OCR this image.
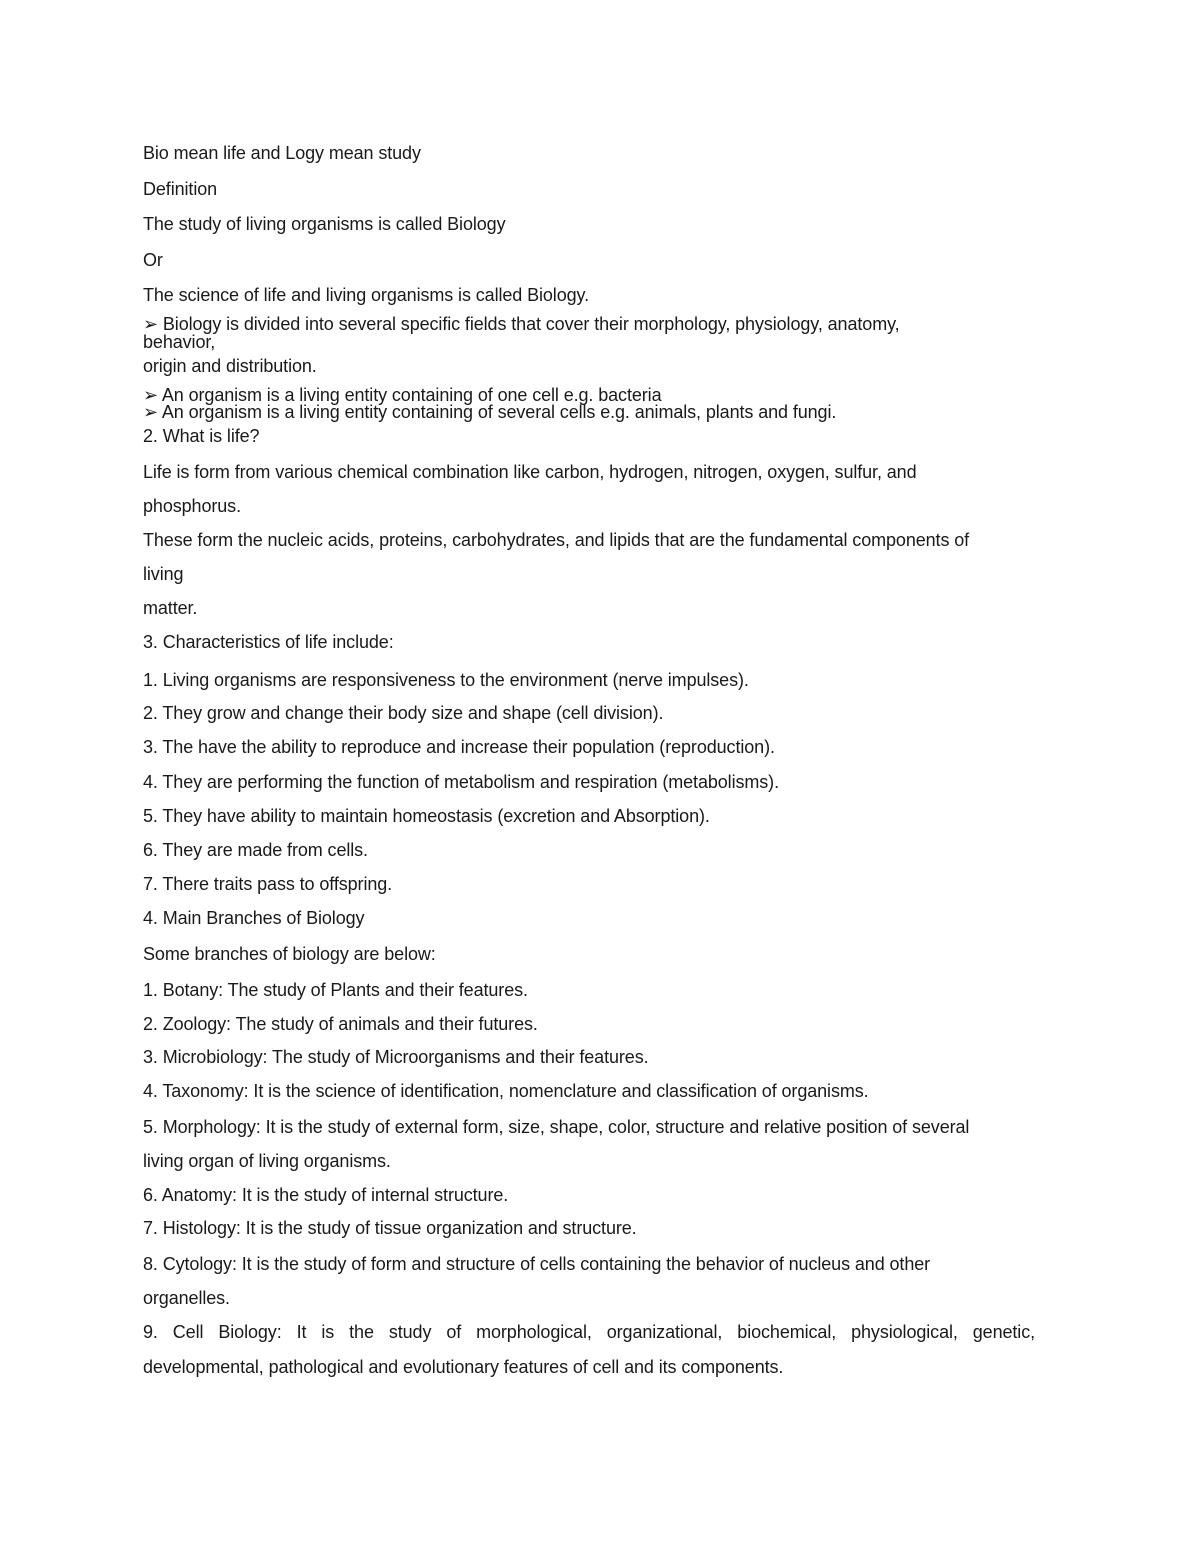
Bio mean life and Logy mean study
Definition
The study of living organisms is called Biology
Or
The science of life and living organisms is called Biology.
➢ Biology is divided into several specific fields that cover their morphology, physiology, anatomy,
behavior,
origin and distribution.
➢ An organism is a living entity containing of one cell e.g. bacteria
➢ An organism is a living entity containing of several cells e.g. animals, plants and fungi.
2. What is life?
Life is form from various chemical combination like carbon, hydrogen, nitrogen, oxygen, sulfur, and
phosphorus.
These form the nucleic acids, proteins, carbohydrates, and lipids that are the fundamental components of
living
matter.
3. Characteristics of life include:
1. Living organisms are responsiveness to the environment (nerve impulses).
2. They grow and change their body size and shape (cell division).
3. The have the ability to reproduce and increase their population (reproduction).
4. They are performing the function of metabolism and respiration (metabolisms).
5. They have ability to maintain homeostasis (excretion and Absorption).
6. They are made from cells.
7. There traits pass to offspring.
4. Main Branches of Biology
Some branches of biology are below:
1. Botany: The study of Plants and their features.
2. Zoology: The study of animals and their futures.
3. Microbiology: The study of Microorganisms and their features.
4. Taxonomy: It is the science of identification, nomenclature and classification of organisms.
5. Morphology: It is the study of external form, size, shape, color, structure and relative position of several
living organ of living organisms.
6. Anatomy: It is the study of internal structure.
7. Histology: It is the study of tissue organization and structure.
8. Cytology: It is the study of form and structure of cells containing the behavior of nucleus and other
organelles.
9. Cell Biology: It is the study of morphological, organizational, biochemical, physiological, genetic,
developmental, pathological and evolutionary features of cell and its components.
